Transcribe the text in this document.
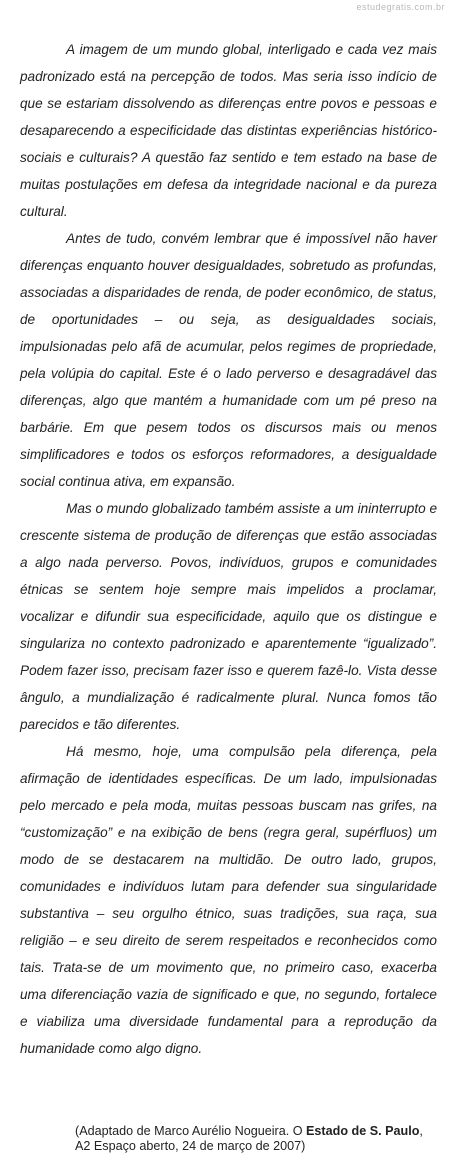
estudegratis.com.br

A imagem de um mundo global, interligado e cada vez mais padronizado está na percepção de todos. Mas seria isso indício de que se estariam dissolvendo as diferenças entre povos e pessoas e desaparecendo a especificidade das distintas experiências histórico-sociais e culturais? A questão faz sentido e tem estado na base de muitas postulações em defesa da integridade nacional e da pureza cultural.

Antes de tudo, convém lembrar que é impossível não haver diferenças enquanto houver desigualdades, sobretudo as profundas, associadas a disparidades de renda, de poder econômico, de status, de oportunidades – ou seja, as desigualdades sociais, impulsionadas pelo afã de acumular, pelos regimes de propriedade, pela volúpia do capital. Este é o lado perverso e desagradável das diferenças, algo que mantém a humanidade com um pé preso na barbárie. Em que pesem todos os discursos mais ou menos simplificadores e todos os esforços reformadores, a desigualdade social continua ativa, em expansão.

Mas o mundo globalizado também assiste a um ininterrupto e crescente sistema de produção de diferenças que estão associadas a algo nada perverso. Povos, indivíduos, grupos e comunidades étnicas se sentem hoje sempre mais impelidos a proclamar, vocalizar e difundir sua especificidade, aquilo que os distingue e singulariza no contexto padronizado e aparentemente “igualizado”. Podem fazer isso, precisam fazer isso e querem fazê-lo. Vista desse ângulo, a mundialização é radicalmente plural. Nunca fomos tão parecidos e tão diferentes.

Há mesmo, hoje, uma compulsão pela diferença, pela afirmação de identidades específicas. De um lado, impulsionadas pelo mercado e pela moda, muitas pessoas buscam nas grifes, na “customização” e na exibição de bens (regra geral, supérfluos) um modo de se destacarem na multidão. De outro lado, grupos, comunidades e indivíduos lutam para defender sua singularidade substantiva – seu orgulho étnico, suas tradições, sua raça, sua religião – e seu direito de serem respeitados e reconhecidos como tais. Trata-se de um movimento que, no primeiro caso, exacerba uma diferenciação vazia de significado e que, no segundo, fortalece e viabiliza uma diversidade fundamental para a reprodução da humanidade como algo digno.

(Adaptado de Marco Aurélio Nogueira. O Estado de S. Paulo,
A2 Espaço aberto, 24 de março de 2007)
